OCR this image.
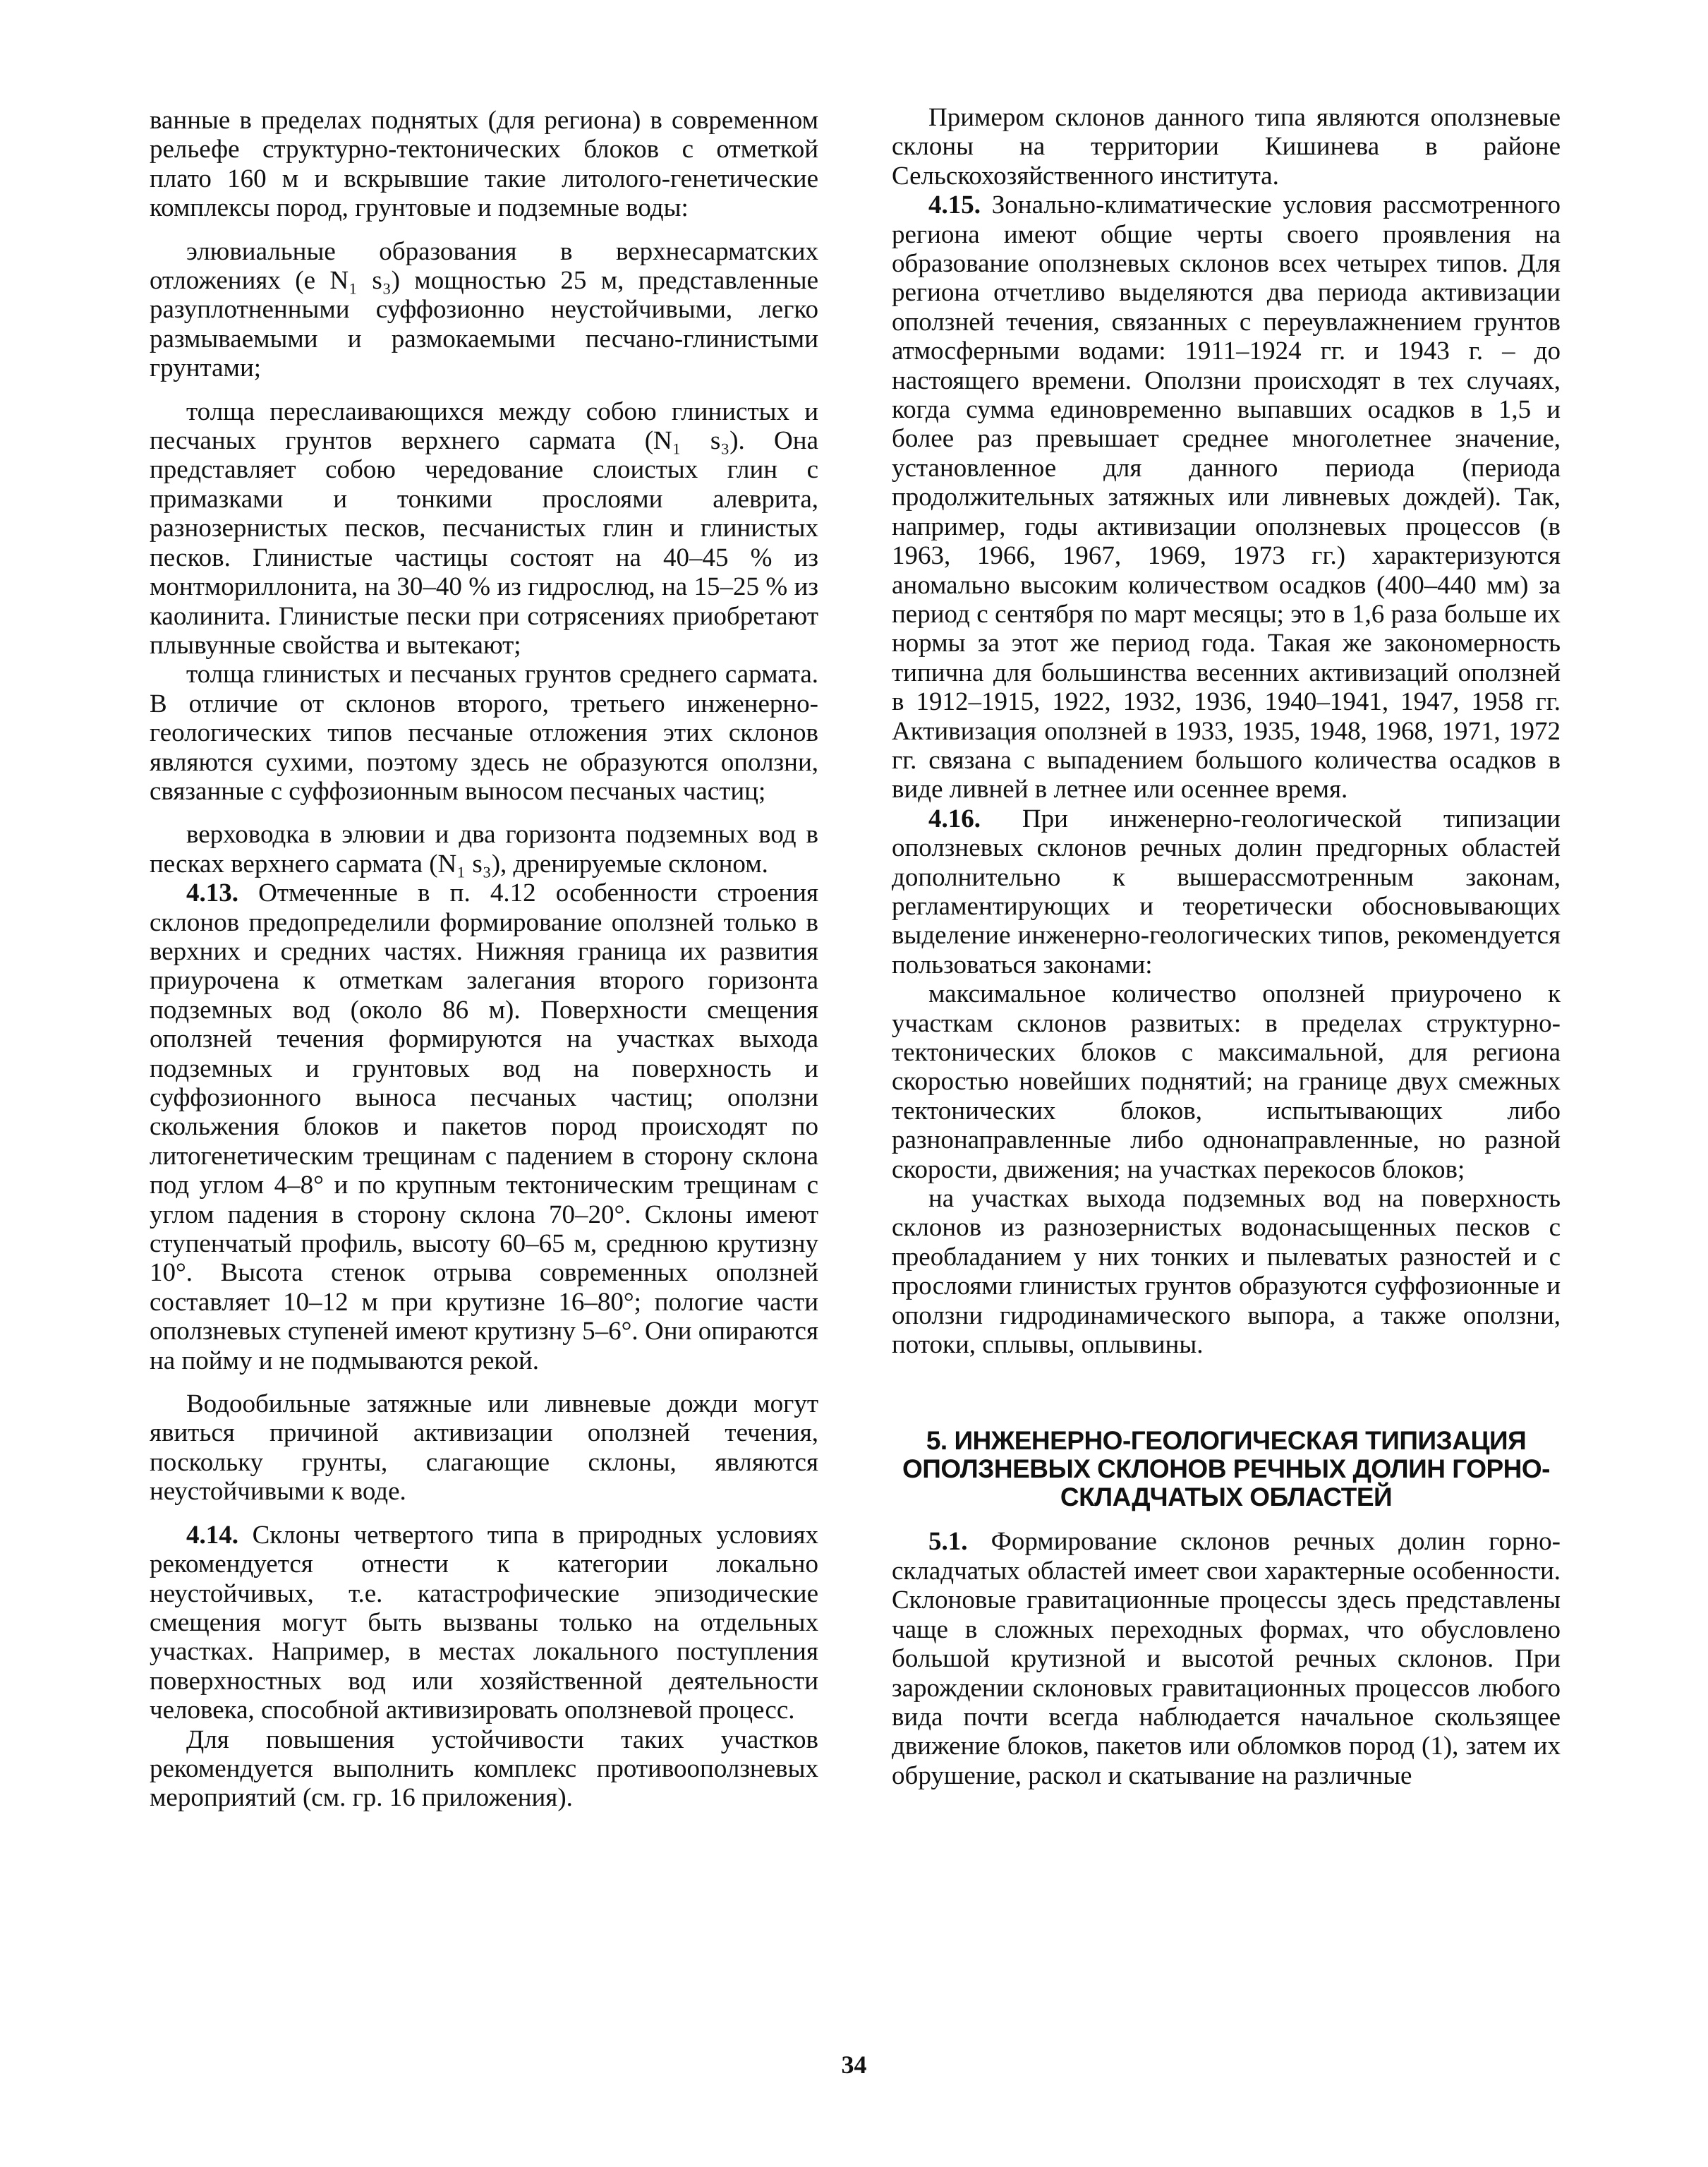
ванные в пределах поднятых (для региона) в современном рельефе структурно-тектонических блоков с отметкой плато 160 м и вскрывшие такие литолого-генетические комплексы пород, грунтовые и подземные воды:

элювиальные образования в верхнесарматских отложениях (e N₁ s₃) мощностью 25 м, представленные разуплотненными суффозионно неустойчивыми, легко размываемыми и размокаемыми песчано-глинистыми грунтами;

толща переслаивающихся между собою глинистых и песчаных грунтов верхнего сармата (N₁ s₃). Она представляет собою чередование слоистых глин с примазками и тонкими прослоями алеврита, разнозернистых песков, песчанистых глин и глинистых песков. Глинистые частицы состоят на 40–45 % из монтмориллонита, на 30–40 % из гидрослюд, на 15–25 % из каолинита. Глинистые пески при сотрясениях приобретают плывунные свойства и вытекают;

толща глинистых и песчаных грунтов среднего сармата. В отличие от склонов второго, третьего инженерно-геологических типов песчаные отложения этих склонов являются сухими, поэтому здесь не образуются оползни, связанные с суффозионным выносом песчаных частиц;

верховодка в элювии и два горизонта подземных вод в песках верхнего сармата (N₁ s₃), дренируемые склоном.

4.13. Отмеченные в п. 4.12 особенности строения склонов предопределили формирование оползней только в верхних и средних частях. Нижняя граница их развития приурочена к отметкам залегания второго горизонта подземных вод (около 86 м). Поверхности смещения оползней течения формируются на участках выхода подземных и грунтовых вод на поверхность и суффозионного выноса песчаных частиц; оползни скольжения блоков и пакетов пород происходят по литогенетическим трещинам с падением в сторону склона под углом 4–8° и по крупным тектоническим трещинам с углом падения в сторону склона 70–20°. Склоны имеют ступенчатый профиль, высоту 60–65 м, среднюю крутизну 10°. Высота стенок отрыва современных оползней составляет 10–12 м при крутизне 16–80°; пологие части оползневых ступеней имеют крутизну 5–6°. Они опираются на пойму и не подмываются рекой.

Водообильные затяжные или ливневые дожди могут явиться причиной активизации оползней течения, поскольку грунты, слагающие склоны, являются неустойчивыми к воде.

4.14. Склоны четвертого типа в природных условиях рекомендуется отнести к категории локально неустойчивых, т.е. катастрофические эпизодические смещения могут быть вызваны только на отдельных участках. Например, в местах локального поступления поверхностных вод или хозяйственной деятельности человека, способной активизировать оползневой процесс.

Для повышения устойчивости таких участков рекомендуется выполнить комплекс противооползневых мероприятий (см. гр. 16 приложения).

Примером склонов данного типа являются оползневые склоны на территории Кишинева в районе Сельскохозяйственного института.

4.15. Зонально-климатические условия рассмотренного региона имеют общие черты своего проявления на образование оползневых склонов всех четырех типов. Для региона отчетливо выделяются два периода активизации оползней течения, связанных с переувлажнением грунтов атмосферными водами: 1911–1924 гг. и 1943 г. – до настоящего времени. Оползни происходят в тех случаях, когда сумма единовременно выпавших осадков в 1,5 и более раз превышает среднее многолетнее значение, установленное для данного периода (периода продолжительных затяжных или ливневых дождей). Так, например, годы активизации оползневых процессов (в 1963, 1966, 1967, 1969, 1973 гг.) характеризуются аномально высоким количеством осадков (400–440 мм) за период с сентября по март месяцы; это в 1,6 раза больше их нормы за этот же период года. Такая же закономерность типична для большинства весенних активизаций оползней в 1912–1915, 1922, 1932, 1936, 1940–1941, 1947, 1958 гг. Активизация оползней в 1933, 1935, 1948, 1968, 1971, 1972 гг. связана с выпадением большого количества осадков в виде ливней в летнее или осеннее время.

4.16. При инженерно-геологической типизации оползневых склонов речных долин предгорных областей дополнительно к вышерассмотренным законам, регламентирующих и теоретически обосновывающих выделение инженерно-геологических типов, рекомендуется пользоваться законами:

максимальное количество оползней приурочено к участкам склонов развитых: в пределах структурно-тектонических блоков с максимальной, для региона скоростью новейших поднятий; на границе двух смежных тектонических блоков, испытывающих либо разнонаправленные либо однонаправленные, но разной скорости, движения; на участках перекосов блоков;

на участках выхода подземных вод на поверхность склонов из разнозернистых водонасыщенных песков с преобладанием у них тонких и пылеватых разностей и с прослоями глинистых грунтов образуются суффозионные и оползни гидродинамического выпора, а также оползни, потоки, сплывы, оплывины.

5. ИНЖЕНЕРНО-ГЕОЛОГИЧЕСКАЯ ТИПИЗАЦИЯ ОПОЛЗНЕВЫХ СКЛОНОВ РЕЧНЫХ ДОЛИН ГОРНО-СКЛАДЧАТЫХ ОБЛАСТЕЙ

5.1. Формирование склонов речных долин горно-складчатых областей имеет свои характерные особенности. Склоновые гравитационные процессы здесь представлены чаще в сложных переходных формах, что обусловлено большой крутизной и высотой речных склонов. При зарождении склоновых гравитационных процессов любого вида почти всегда наблюдается начальное скользящее движение блоков, пакетов или обломков пород (1), затем их обрушение, раскол и скатывание на различные

34
